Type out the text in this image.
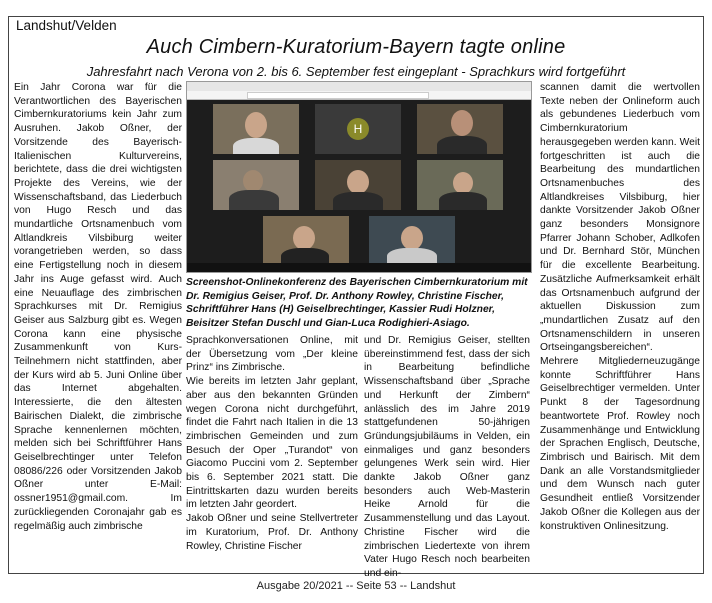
Landshut/Velden
Auch Cimbern-Kuratorium-Bayern tagte online
Jahresfahrt nach Verona von 2. bis 6. September fest eingeplant - Sprachkurs wird fortgeführt

Ein Jahr Corona war für die Verantwortlichen des Bayerischen Cimbernkuratoriums kein Jahr zum Ausruhen. Jakob Oßner, der Vorsitzende des Bayerisch-Italienischen Kulturvereins, berichtete, dass die drei wichtigsten Projekte des Vereins, wie der Wissenschaftsband, das Liederbuch von Hugo Resch und das mundartliche Ortsnamenbuch vom Altlandkreis Vilsbiburg weiter vorangetrieben werden, so dass eine Fertigstellung noch in diesem Jahr ins Auge gefasst wird. Auch eine Neuauflage des zimbrischen Sprachkurses mit Dr. Remigius Geiser aus Salzburg gibt es. Wegen Corona kann eine physische Zusammenkunft von Kurs-Teilnehmern nicht stattfinden, aber der Kurs wird ab 5. Juni Online über das Internet abgehalten. Interessierte, die den ältesten Bairischen Dialekt, die zimbrische Sprache kennenlernen möchten, melden sich bei Schriftführer Hans Geiselbrechtinger unter Telefon 08086/226 oder Vorsitzenden Jakob Oßner unter E-Mail: ossner1951@gmail.com. Im zurückliegenden Coronajahr gab es regelmäßig auch zimbrische

H
Screenshot-Onlinekonferenz des Bayerischen Cimbernkuratorium mit Dr. Remigius Geiser, Prof. Dr. Anthony Rowley, Christine Fischer, Schriftführer Hans (H) Geiselbrechtinger, Kassier Rudi Holzner, Beisitzer Stefan Duschl und Gian-Luca Rodighieri-Asiago.

Sprachkonversationen Online, mit der Übersetzung vom „Der kleine Prinz“ ins Zimbrische.

Wie bereits im letzten Jahr geplant, aber aus den bekannten Gründen wegen Corona nicht durchgeführt, findet die Fahrt nach Italien in die 13 zimbrischen Gemeinden und zum Besuch der Oper „Turandot“ von Giacomo Puccini vom 2. September bis 6. September 2021 statt. Die Eintrittskarten dazu wurden bereits im letzten Jahr geordert.

Jakob Oßner und seine Stellvertreter im Kuratorium, Prof. Dr. Anthony Rowley, Christine Fischer

und Dr. Remigius Geiser, stellten übereinstimmend fest, dass der sich in Bearbeitung befindliche Wissenschaftsband über „Sprache und Herkunft der Zimbern“ anlässlich des im Jahre 2019 stattgefundenen 50-jährigen Gründungsjubiläums in Velden, ein einmaliges und ganz besonders gelungenes Werk sein wird. Hier dankte Jakob Oßner ganz besonders auch Web-Masterin Heike Arnold für die Zusammenstellung und das Layout. Christine Fischer wird die zimbrischen Liedertexte von ihrem Vater Hugo Resch noch bearbeiten und ein-

scannen damit die wertvollen Texte neben der Onlineform auch als gebundenes Liederbuch vom Cimbernkuratorium herausgegeben werden kann. Weit fortgeschritten ist auch die Bearbeitung des mundartlichen Ortsnamenbuches des Altlandkreises Vilsbiburg, hier dankte Vorsitzender Jakob Oßner ganz besonders Monsignore Pfarrer Johann Schober, Adlkofen und Dr. Bernhard Stör, München für die excellente Bearbeitung. Zusätzliche Aufmerksamkeit erhält das Ortsnamenbuch aufgrund der aktuellen Diskussion zum „mundartlichen Zusatz auf den Ortsnamenschildern in unseren Ortseingangsbereichen“.

Mehrere Mitgliederneuzugänge konnte Schriftführer Hans Geiselbrechtiger vermelden. Unter Punkt 8 der Tagesordnung beantwortete Prof. Rowley noch Zusammenhänge und Entwicklung der Sprachen Englisch, Deutsche, Zimbrisch und Bairisch. Mit dem Dank an alle Vorstandsmitglieder und dem Wunsch nach guter Gesundheit entließ Vorsitzender Jakob Oßner die Kollegen aus der konstruktiven Onlinesitzung.

Ausgabe 20/2021 -- Seite 53 -- Landshut
